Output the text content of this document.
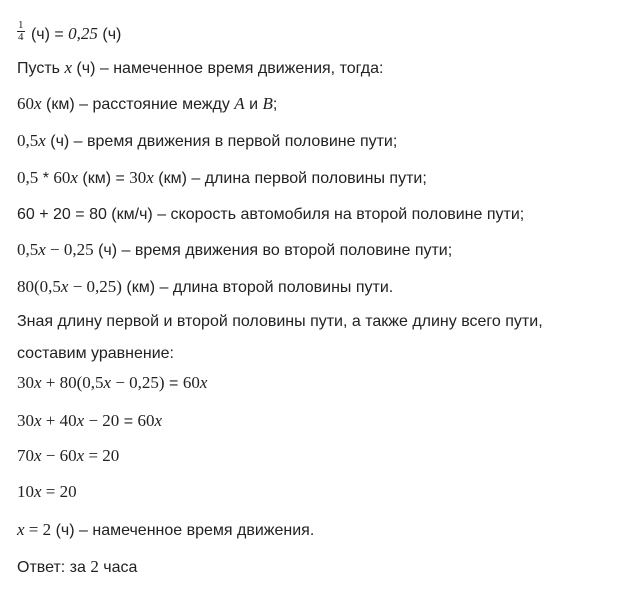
$\frac{1}{4} (ч) = 0,25$ (ч)
Пусть x (ч) – намеченное время движения, тогда:
60x (км) – расстояние между A и B;
0,5x (ч) – время движения в первой половине пути;
0,5 * 60x (км) = 30x (км) – длина первой половины пути;
60 + 20 = 80 (км/ч) – скорость автомобиля на второй половине пути;
0,5x − 0,25 (ч) – время движения во второй половине пути;
80(0,5x − 0,25) (км) – длина второй половины пути.
Зная длину первой и второй половины пути, а также длину всего пути,
составим уравнение:
30x + 80(0,5x − 0,25) = 60x
30x + 40x − 20 = 60x
70x − 60x = 20
10x = 20
x = 2 (ч) – намеченное время движения.
Ответ: за 2 часа
